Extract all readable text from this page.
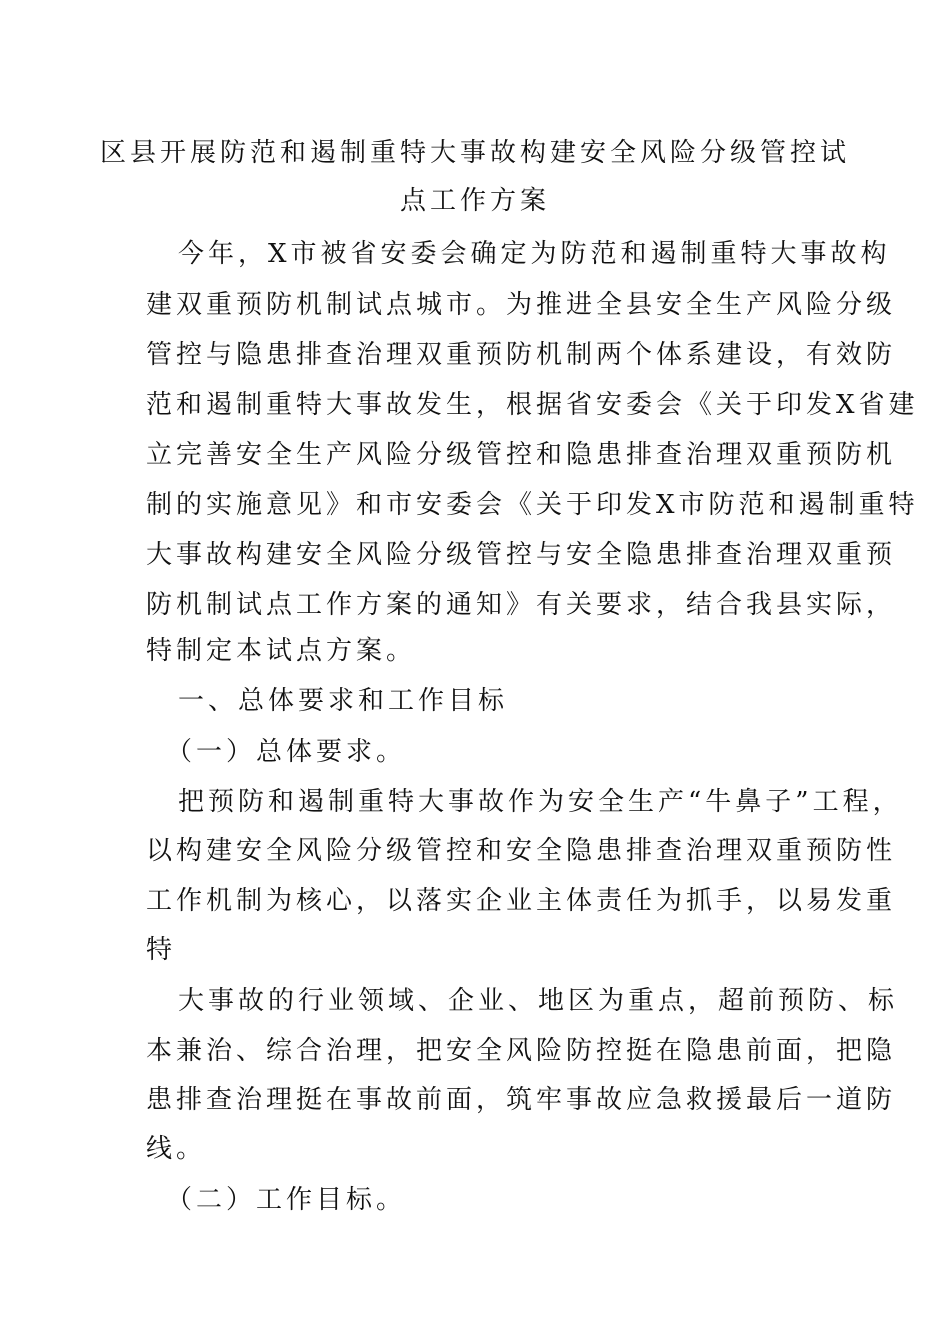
区县开展防范和遏制重特大事故构建安全风险分级管控试
点工作方案
今年，X市被省安委会确定为防范和遏制重特大事故构
建双重预防机制试点城市。为推进全县安全生产风险分级
管控与隐患排查治理双重预防机制两个体系建设，有效防
范和遏制重特大事故发生，根据省安委会《关于印发X省建
立完善安全生产风险分级管控和隐患排查治理双重预防机
制的实施意见》和市安委会《关于印发X市防范和遏制重特
大事故构建安全风险分级管控与安全隐患排查治理双重预
防机制试点工作方案的通知》有关要求，结合我县实际，
特制定本试点方案。
一、总体要求和工作目标
（一）总体要求。
把预防和遏制重特大事故作为安全生产“牛鼻子”工程，
以构建安全风险分级管控和安全隐患排查治理双重预防性
工作机制为核心，以落实企业主体责任为抓手，以易发重
特
大事故的行业领域、企业、地区为重点，超前预防、标
本兼治、综合治理，把安全风险防控挺在隐患前面，把隐
患排查治理挺在事故前面，筑牢事故应急救援最后一道防
线。
（二）工作目标。
